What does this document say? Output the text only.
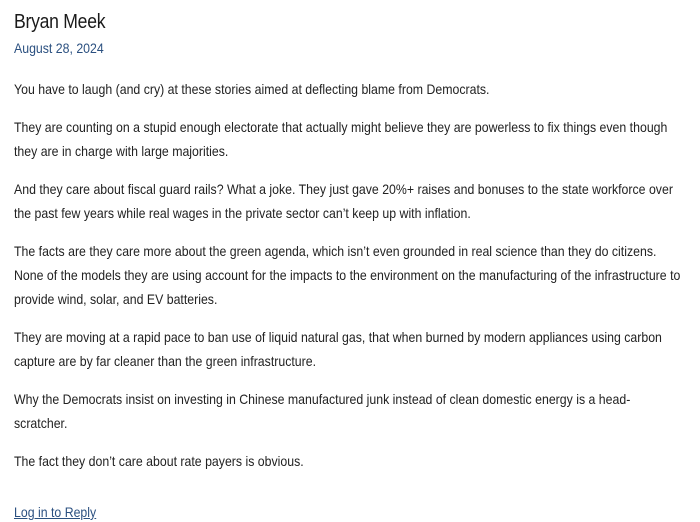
Bryan Meek
August 28, 2024

You have to laugh (and cry) at these stories aimed at deflecting blame from Democrats.

They are counting on a stupid enough electorate that actually might believe they are powerless to fix things even though they are in charge with large majorities.

And they care about fiscal guard rails? What a joke. They just gave 20%+ raises and bonuses to the state workforce over the past few years while real wages in the private sector can’t keep up with inflation.

The facts are they care more about the green agenda, which isn’t even grounded in real science than they do citizens. None of the models they are using account for the impacts to the environment on the manufacturing of the infrastructure to provide wind, solar, and EV batteries.

They are moving at a rapid pace to ban use of liquid natural gas, that when burned by modern appliances using carbon capture are by far cleaner than the green infrastructure.

Why the Democrats insist on investing in Chinese manufactured junk instead of clean domestic energy is a head-scratcher.

The fact they don’t care about rate payers is obvious.

Log in to Reply
